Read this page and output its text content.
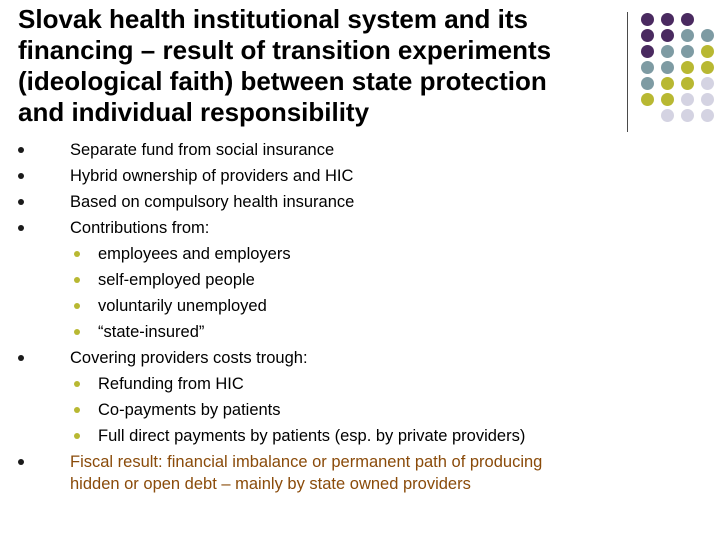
Slovak health institutional system and its
financing – result of transition experiments
(ideological faith) between state protection
and individual responsibility
Separate fund from social insurance
Hybrid ownership of providers and HIC
Based on compulsory health insurance
Contributions from:
employees and employers
self-employed people
voluntarily unemployed
“state-insured”
Covering providers costs trough:
Refunding from HIC
Co-payments by patients
Full direct payments by patients (esp. by private providers)
Fiscal result: financial imbalance or permanent path of producing
hidden or open debt – mainly by state owned providers
